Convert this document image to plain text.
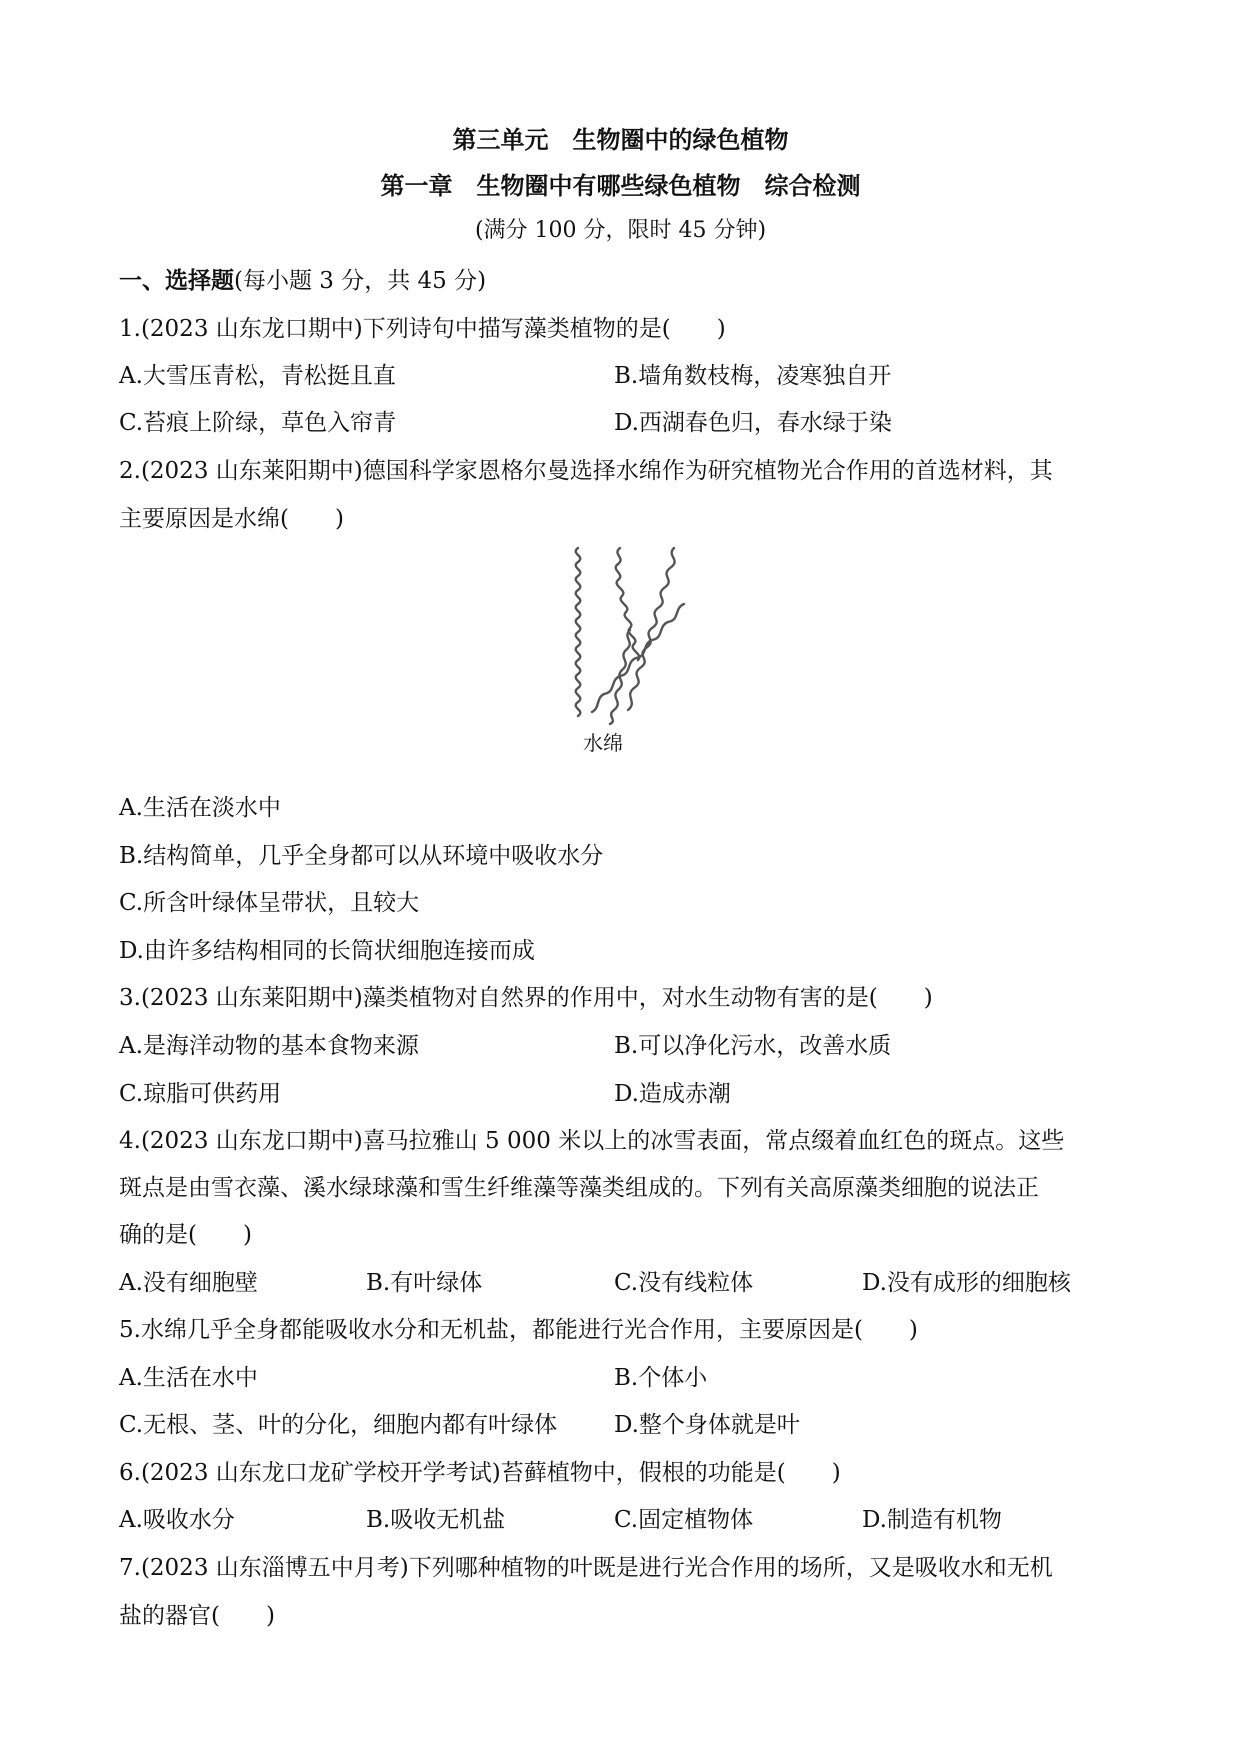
第三单元　生物圈中的绿色植物
第一章　生物圈中有哪些绿色植物　综合检测
(满分 100 分，限时 45 分钟)
一、选择题(每小题 3 分，共 45 分)
1.(2023 山东龙口期中)下列诗句中描写藻类植物的是(　　)
A.大雪压青松，青松挺且直	B.墙角数枝梅，凌寒独自开
C.苔痕上阶绿，草色入帘青	D.西湖春色归，春水绿于染
2.(2023 山东莱阳期中)德国科学家恩格尔曼选择水绵作为研究植物光合作用的首选材料，其
主要原因是水绵(　　)
水绵
A.生活在淡水中
B.结构简单，几乎全身都可以从环境中吸收水分
C.所含叶绿体呈带状，且较大
D.由许多结构相同的长筒状细胞连接而成
3.(2023 山东莱阳期中)藻类植物对自然界的作用中，对水生动物有害的是(　　)
A.是海洋动物的基本食物来源	B.可以净化污水，改善水质
C.琼脂可供药用	D.造成赤潮
4.(2023 山东龙口期中)喜马拉雅山 5 000 米以上的冰雪表面，常点缀着血红色的斑点。这些
斑点是由雪衣藻、溪水绿球藻和雪生纤维藻等藻类组成的。下列有关高原藻类细胞的说法正
确的是(　　)
A.没有细胞壁	B.有叶绿体	C.没有线粒体	D.没有成形的细胞核
5.水绵几乎全身都能吸收水分和无机盐，都能进行光合作用，主要原因是(　　)
A.生活在水中	B.个体小
C.无根、茎、叶的分化，细胞内都有叶绿体 D.整个身体就是叶
6.(2023 山东龙口龙矿学校开学考试)苔藓植物中，假根的功能是(　　)
A.吸收水分	B.吸收无机盐	C.固定植物体	D.制造有机物
7.(2023 山东淄博五中月考)下列哪种植物的叶既是进行光合作用的场所，又是吸收水和无机
盐的器官(　　)
